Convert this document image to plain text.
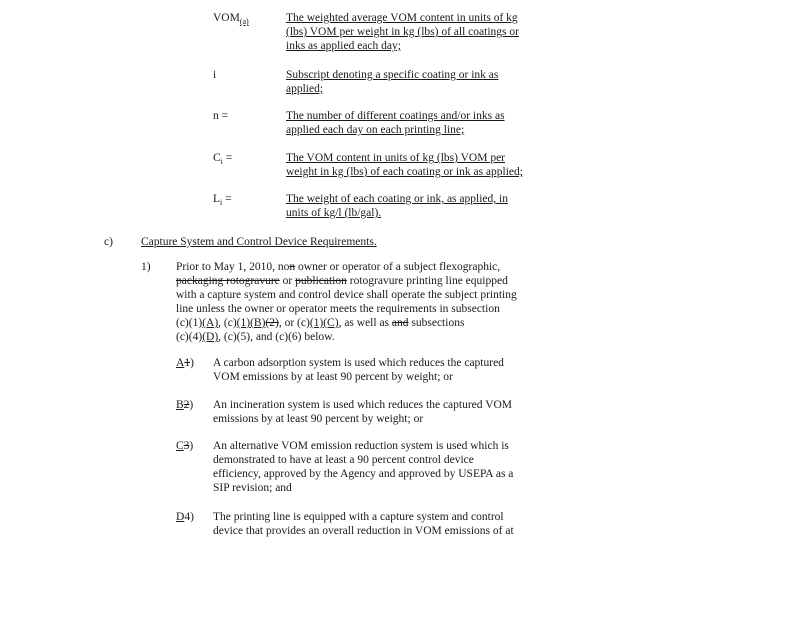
$VOM_{(a)}$	The weighted average VOM content in units of kg
(lbs) VOM per weight in kg (lbs) of all coatings or
inks as applied each day;
i	Subscript denoting a specific coating or ink as
applied;
n =	The number of different coatings and/or inks as
applied each day on each printing line;
$C_i$ =	The VOM content in units of kg (lbs) VOM per
weight in kg (lbs) of each coating or ink as applied;
$L_i$ =	The weight of each coating or ink, as applied, in
units of kg/l (lb/gal).
c) Capture System and Control Device Requirements.
1) Prior to May 1, 2010, non owner or operator of a subject flexographic,
packaging rotogravure or publication rotogravure printing line equipped
with a capture system and control device shall operate the subject printing
line unless the owner or operator meets the requirements in subsection
(c)(1)(A), (c)(1)(B)(2), or (c)(1)(C), as well as and subsections
(c)(4)(D), (c)(5), and (c)(6) below.
A1) A carbon adsorption system is used which reduces the captured
VOM emissions by at least 90 percent by weight; or
B2) An incineration system is used which reduces the captured VOM
emissions by at least 90 percent by weight; or
C3) An alternative VOM emission reduction system is used which is
demonstrated to have at least a 90 percent control device
efficiency, approved by the Agency and approved by USEPA as a
SIP revision; and
D4) The printing line is equipped with a capture system and control
device that provides an overall reduction in VOM emissions of at
